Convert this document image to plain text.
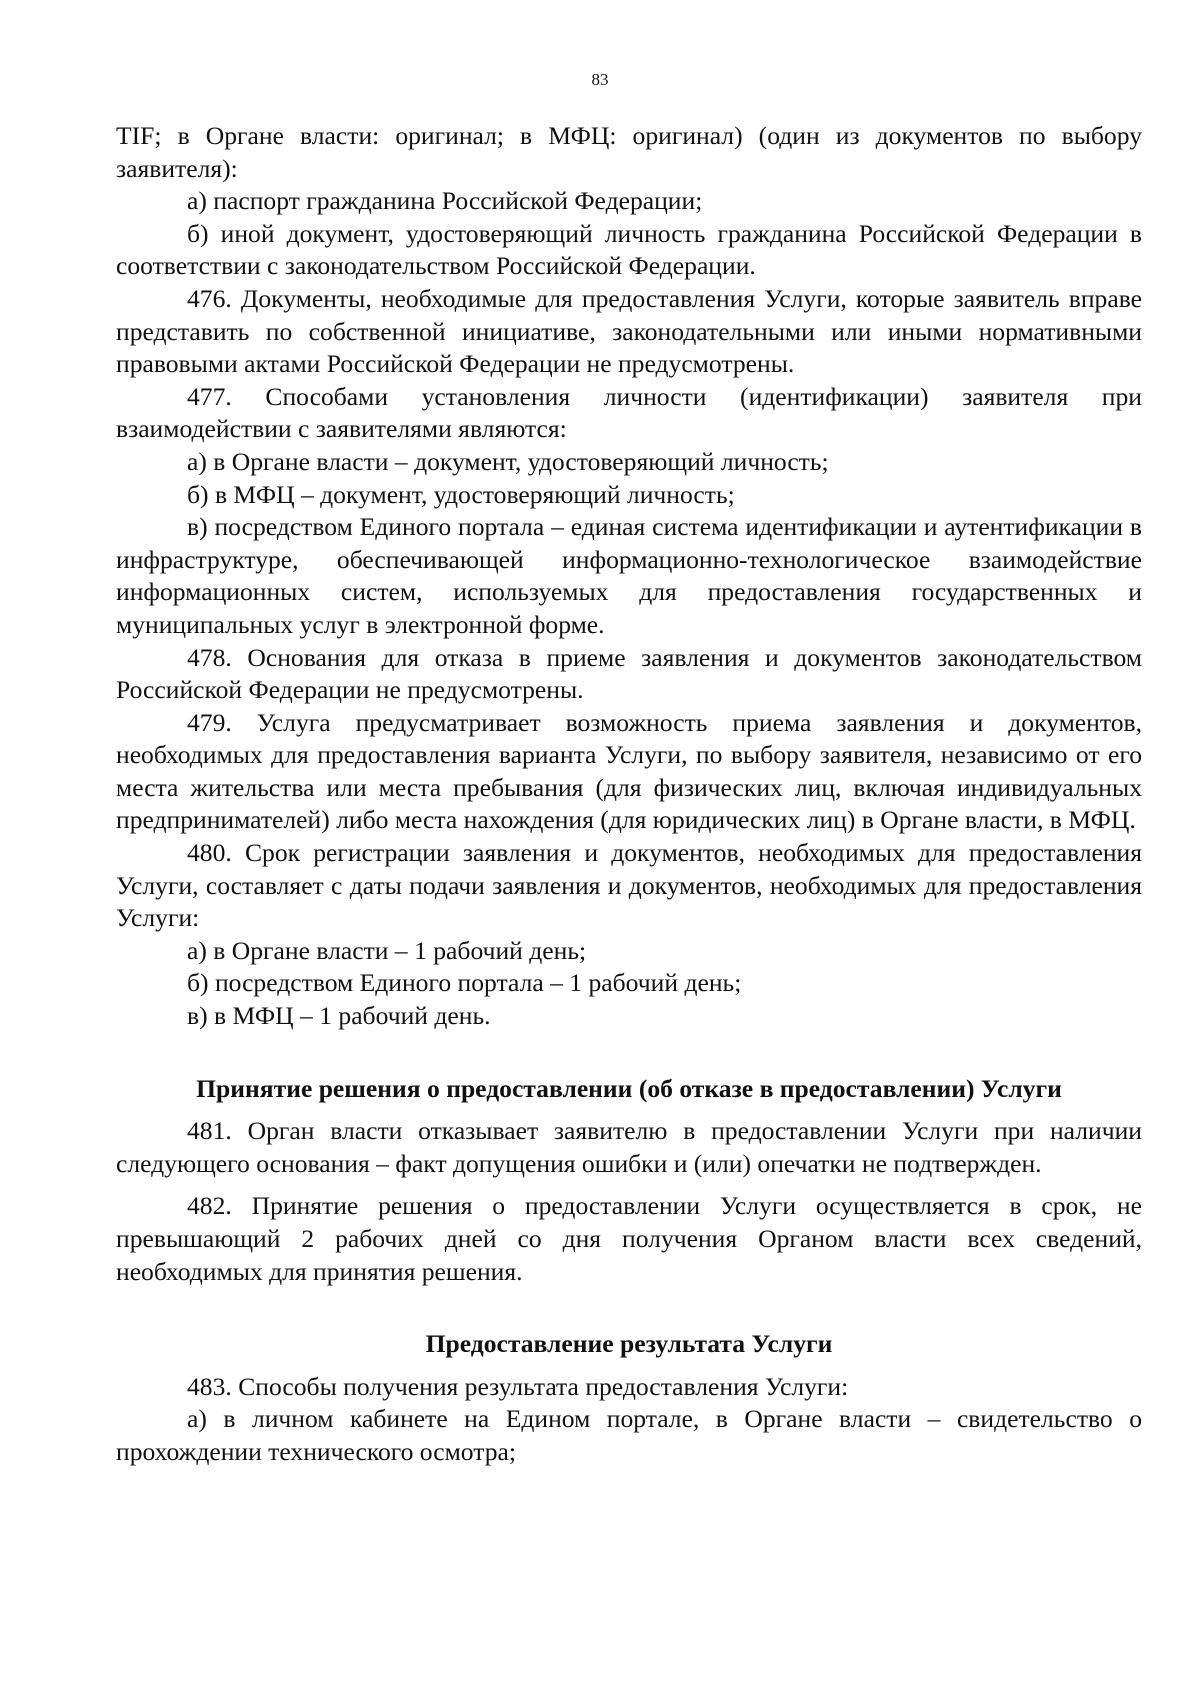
83

TIF; в Органе власти: оригинал; в МФЦ: оригинал) (один из документов по выбору заявителя):

а) паспорт гражданина Российской Федерации;

б) иной документ, удостоверяющий личность гражданина Российской Федерации в соответствии с законодательством Российской Федерации.

476. Документы, необходимые для предоставления Услуги, которые заявитель вправе представить по собственной инициативе, законодательными или иными нормативными правовыми актами Российской Федерации не предусмотрены.

477. Способами установления личности (идентификации) заявителя при взаимодействии с заявителями являются:

а) в Органе власти – документ, удостоверяющий личность;

б) в МФЦ – документ, удостоверяющий личность;

в) посредством Единого портала – единая система идентификации и аутентификации в инфраструктуре, обеспечивающей информационно-технологическое взаимодействие информационных систем, используемых для предоставления государственных и муниципальных услуг в электронной форме.

478. Основания для отказа в приеме заявления и документов законодательством Российской Федерации не предусмотрены.

479. Услуга предусматривает возможность приема заявления и документов, необходимых для предоставления варианта Услуги, по выбору заявителя, независимо от его места жительства или места пребывания (для физических лиц, включая индивидуальных предпринимателей) либо места нахождения (для юридических лиц) в Органе власти, в МФЦ.

480. Срок регистрации заявления и документов, необходимых для предоставления Услуги, составляет с даты подачи заявления и документов, необходимых для предоставления Услуги:

а) в Органе власти – 1 рабочий день;

б) посредством Единого портала – 1 рабочий день;

в) в МФЦ – 1 рабочий день.

Принятие решения о предоставлении (об отказе в предоставлении) Услуги

481. Орган власти отказывает заявителю в предоставлении Услуги при наличии следующего основания – факт допущения ошибки и (или) опечатки не подтвержден.

482. Принятие решения о предоставлении Услуги осуществляется в срок, не превышающий 2 рабочих дней со дня получения Органом власти всех сведений, необходимых для принятия решения.

Предоставление результата Услуги

483. Способы получения результата предоставления Услуги:

а) в личном кабинете на Едином портале, в Органе власти – свидетельство о прохождении технического осмотра;
